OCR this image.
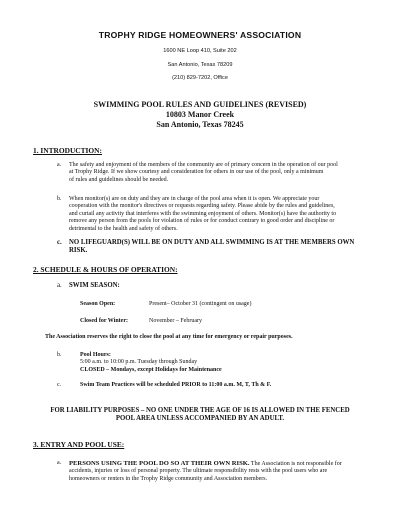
TROPHY RIDGE HOMEOWNERS' ASSOCIATION
1600 NE Loop 410, Suite 202
San Antonio, Texas 78209
(210) 829-7202, Office
SWIMMING POOL RULES AND GUIDELINES (REVISED)
10803 Manor Creek
San Antonio, Texas 78245
1. INTRODUCTION:
a. The safety and enjoyment of the members of the community are of primary concern in the operation of our pool
at Trophy Ridge. If we show courtesy and consideration for others in our use of the pool, only a minimum
of rules and guidelines should be needed.
b. When monitor(s) are on duty and they are in charge of the pool area when it is open. We appreciate your
cooperation with the monitor's directives or requests regarding safety. Please abide by the rules and guidelines,
and curtail any activity that interferes with the swimming enjoyment of others. Monitor(s) have the authority to
remove any person from the pools for violation of rules or for conduct contrary to good order and discipline or
detrimental to the health and safety of others.
c. NO LIFEGUARD(S) WILL BE ON DUTY AND ALL SWIMMING IS AT THE MEMBERS OWN
RISK.
2. SCHEDULE & HOURS OF OPERATION:
a. SWIM SEASON:
Season Open:	Present– October 31 (contingent on usage)
Closed for Winter:	November – February
The Association reserves the right to close the pool at any time for emergency or repair purposes.
b.	Pool Hours:
5:00 a.m. to 10:00 p.m. Tuesday through Sunday
CLOSED – Mondays, except Holidays for Maintenance
c.	Swim Team Practices will be scheduled PRIOR to 11:00 a.m. M, T, Th & F.
FOR LIABILITY PURPOSES – NO ONE UNDER THE AGE OF 16 IS ALLOWED IN THE FENCED
POOL AREA UNLESS ACCOMPANIED BY AN ADULT.
3. ENTRY AND POOL USE:
a. PERSONS USING THE POOL DO SO AT THEIR OWN RISK. The Association is not responsible for
accidents, injuries or loss of personal property. The ultimate responsibility rests with the pool users who are
homeowners or renters in the Trophy Ridge community and Association members.
